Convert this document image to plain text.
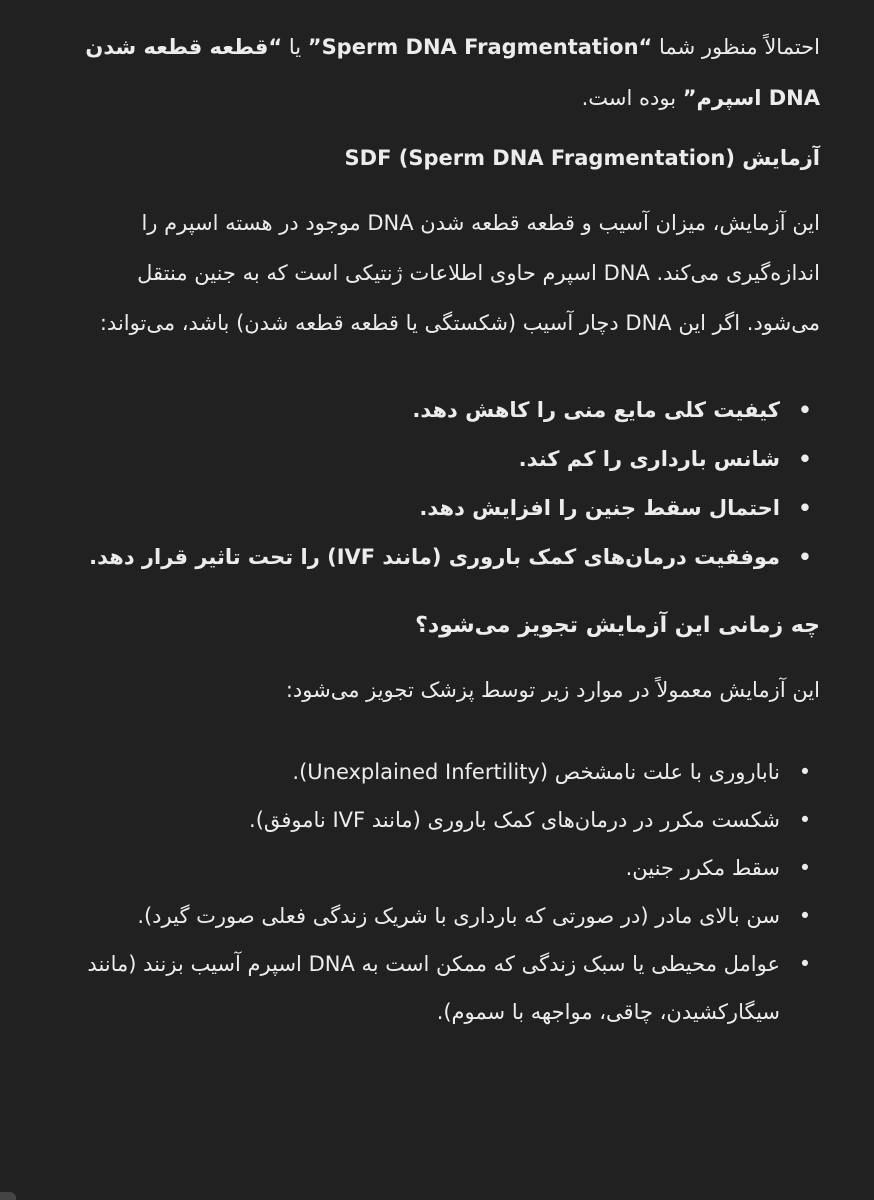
احتمالاً منظور شما “Sperm DNA Fragmentation” یا “قطعه قطعه شدن DNA اسپرم” بوده است.

آزمایش SDF (Sperm DNA Fragmentation)

این آزمایش، میزان آسیب و قطعه قطعه شدن DNA موجود در هسته اسپرم را اندازه‌گیری می‌کند. DNA اسپرم حاوی اطلاعات ژنتیکی است که به جنین منتقل می‌شود. اگر این DNA دچار آسیب (شکستگی یا قطعه قطعه شدن) باشد، می‌تواند:

•
کیفیت کلی مایع منی را کاهش دهد.
•
شانس بارداری را کم کند.
•
احتمال سقط جنین را افزایش دهد.
•
موفقیت درمان‌های کمک باروری (مانند IVF) را تحت تاثیر قرار دهد.
چه زمانی این آزمایش تجویز می‌شود؟

این آزمایش معمولاً در موارد زیر توسط پزشک تجویز می‌شود:

•
ناباروری با علت نامشخص (Unexplained Infertility).
•
شکست مکرر در درمان‌های کمک باروری (مانند IVF ناموفق).
•
سقط مکرر جنین.
•
سن بالای مادر (در صورتی که بارداری با شریک زندگی فعلی صورت گیرد).
•
عوامل محیطی یا سبک زندگی که ممکن است به DNA اسپرم آسیب بزنند (مانند سیگارکشیدن، چاقی، مواجهه با سموم).
